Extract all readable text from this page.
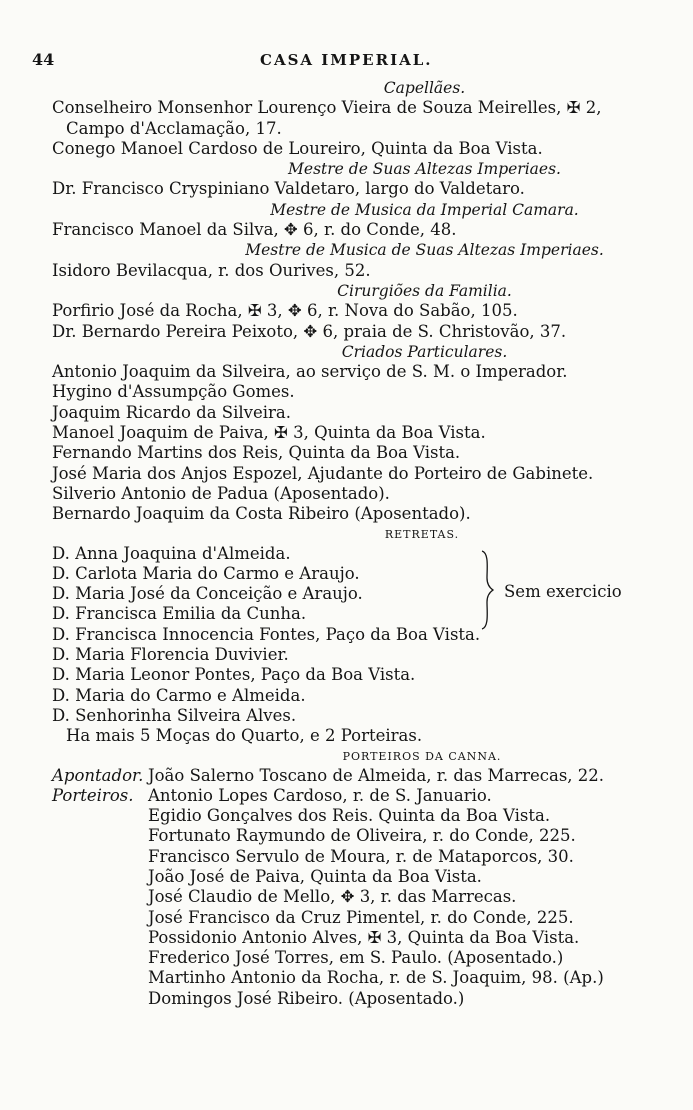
44	CASA IMPERIAL.
Capellães.
Conselheiro Monsenhor Lourenço Vieira de Souza Meirelles, ✠ 2,
Campo d'Acclamação, 17.
Conego Manoel Cardoso de Loureiro, Quinta da Boa Vista.
Mestre de Suas Altezas Imperiaes.
Dr. Francisco Cryspiniano Valdetaro, largo do Valdetaro.
Mestre de Musica da Imperial Camara.
Francisco Manoel da Silva, ✥ 6, r. do Conde, 48.
Mestre de Musica de Suas Altezas Imperiaes.
Isidoro Bevilacqua, r. dos Ourives, 52.
Cirurgiões da Familia.
Porfirio José da Rocha, ✠ 3, ✥ 6, r. Nova do Sabão, 105.
Dr. Bernardo Pereira Peixoto, ✥ 6, praia de S. Christovão, 37.
Criados Particulares.
Antonio Joaquim da Silveira, ao serviço de S. M. o Imperador.
Hygino d'Assumpção Gomes.
Joaquim Ricardo da Silveira.
Manoel Joaquim de Paiva, ✠ 3, Quinta da Boa Vista.
Fernando Martins dos Reis, Quinta da Boa Vista.
José Maria dos Anjos Espozel, Ajudante do Porteiro de Gabinete.
Silverio Antonio de Padua (Aposentado).
Bernardo Joaquim da Costa Ribeiro (Aposentado).
RETRETAS.
D. Anna Joaquina d'Almeida.
D. Carlota Maria do Carmo e Araujo.
D. Maria José da Conceição e Araujo.
D. Francisca Emilia da Cunha.
D. Francisca Innocencia Fontes, Paço da Boa Vista.
D. Maria Florencia Duvivier.
D. Maria Leonor Pontes, Paço da Boa Vista.
D. Maria do Carmo e Almeida.
D. Senhorinha Silveira Alves.
Ha mais 5 Moças do Quarto, e 2 Porteiras.
Sem exercicio
PORTEIROS DA CANNA.
Apontador. João Salerno Toscano de Almeida, r. das Marrecas, 22.
Porteiros. Antonio Lopes Cardoso, r. de S. Januario.
Egidio Gonçalves dos Reis. Quinta da Boa Vista.
Fortunato Raymundo de Oliveira, r. do Conde, 225.
Francisco Servulo de Moura, r. de Mataporcos, 30.
João José de Paiva, Quinta da Boa Vista.
José Claudio de Mello, ✥ 3, r. das Marrecas.
José Francisco da Cruz Pimentel, r. do Conde, 225.
Possidonio Antonio Alves, ✠ 3, Quinta da Boa Vista.
Frederico José Torres, em S. Paulo. (Aposentado.)
Martinho Antonio da Rocha, r. de S. Joaquim, 98. (Ap.)
Domingos José Ribeiro. (Aposentado.)
